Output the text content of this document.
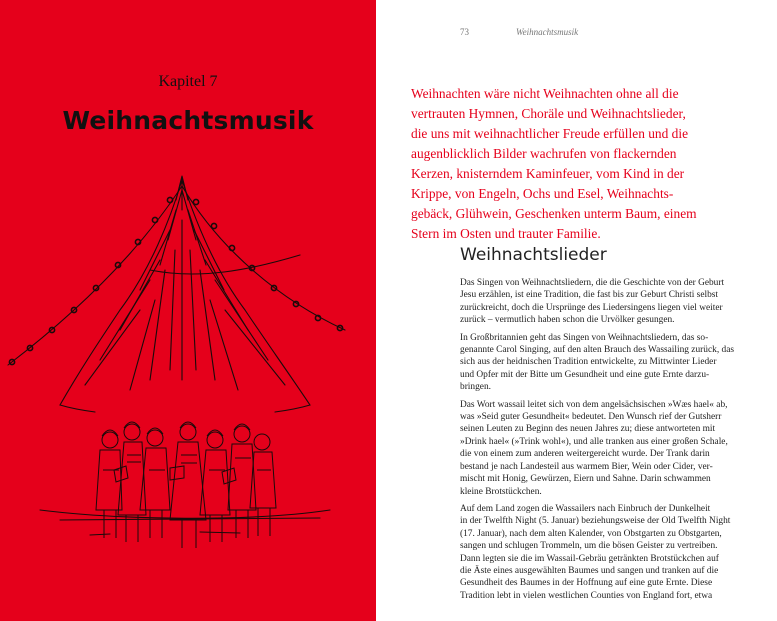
Kapitel 7
Weihnachtsmusik
73	Weihnachtsmusik
Weihnachten wäre nicht Weihnachten ohne all die
vertrauten Hymnen, Choräle und Weihnachtslieder,
die uns mit weihnachtlicher Freude erfüllen und die
augenblicklich Bilder wachrufen von flackernden
Kerzen, knisterndem Kaminfeuer, vom Kind in der
Krippe, von Engeln, Ochs und Esel, Weihnachts-
gebäck, Glühwein, Geschenken unterm Baum, einem
Stern im Osten und trauter Familie.
Weihnachtslieder
Das Singen von Weihnachtsliedern, die die Geschichte von der Geburt
Jesu erzählen, ist eine Tradition, die fast bis zur Geburt Christi selbst
zurückreicht, doch die Ursprünge des Liedersingens liegen viel weiter
zurück – vermutlich haben schon die Urvölker gesungen.
In Großbritannien geht das Singen von Weihnachtsliedern, das so-
genannte Carol Singing, auf den alten Brauch des Wassailing zurück, das
sich aus der heidnischen Tradition entwickelte, zu Mittwinter Lieder
und Opfer mit der Bitte um Gesundheit und eine gute Ernte darzu-
bringen.
Das Wort wassail leitet sich von dem angelsächsischen »Wæs hael« ab,
was »Seid guter Gesundheit« bedeutet. Den Wunsch rief der Gutsherr
seinen Leuten zu Beginn des neuen Jahres zu; diese antworteten mit
»Drink hael« (»Trink wohl«), und alle tranken aus einer großen Schale,
die von einem zum anderen weitergereicht wurde. Der Trank darin
bestand je nach Landesteil aus warmem Bier, Wein oder Cider, ver-
mischt mit Honig, Gewürzen, Eiern und Sahne. Darin schwammen
kleine Brotstückchen.
Auf dem Land zogen die Wassailers nach Einbruch der Dunkelheit
in der Twelfth Night (5. Januar) beziehungsweise der Old Twelfth Night
(17. Januar), nach dem alten Kalender, von Obstgarten zu Obstgarten,
sangen und schlugen Trommeln, um die bösen Geister zu vertreiben.
Dann legten sie die im Wassail-Gebräu getränkten Brotstückchen auf
die Äste eines ausgewählten Baumes und sangen und tranken auf die
Gesundheit des Baumes in der Hoffnung auf eine gute Ernte. Diese
Tradition lebt in vielen westlichen Counties von England fort, etwa
